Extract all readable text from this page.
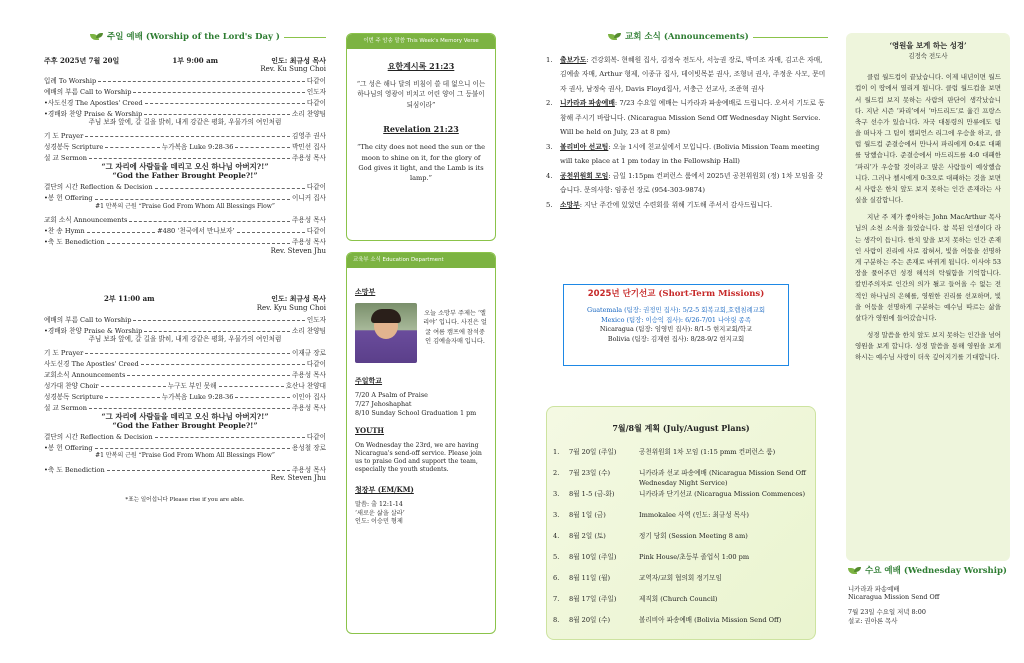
주일 예배 (Worship of the Lord's Day )
주후 2025년 7월 20일	1부 9:00 am	인도: 최규성 목사
Rev. Ku Sung Choi
입례 To Worship	다같이
예배의 부름 Call to Worship	인도자
•사도신경 The Apostles' Creed	다같이
•경배와 찬양 Praise & Worship	소리 찬양팀
주님 보좌 앞에, 갈 길을 밝히, 내게 강같은 평화, 우물가의 여인처럼
기 도 Prayer	김영주 권사
성경봉독 Scripture	누가복음 Luke 9:28-36	박민선 집사
설 교 Sermon	주용성 목사
“그 자리에 사람들을 데리고 오신 하나님 아버지?!”
“God the Father Brought People?!”
결단의 시간 Reflection & Decision	다같이
•봉 헌 Offering	이니커 집사
#1 만복의 근원 “Praise God From Whom All Blessings Flow”
교회 소식 Announcements	주용성 목사
•찬 송 Hymn	#480 ‘천국에서 만나보자’	다같이
•축 도 Benediction	주용성 목사
Rev. Steven Jhu
2부 11:00 am	인도: 최규성 목사
Rev. Kyu Sung Choi
예배의 부름 Call to Worship	인도자
•경배와 찬양 Praise & Worship	소리 찬양팀
주님 보좌 앞에, 갈 길을 밝히, 내게 강같은 평화, 우물가의 여인처럼
기 도 Prayer	이재규 장로
사도신경 The Apostles' Creed	다같이
교회소식 Announcements	주용성 목사
성가대 찬양 Choir	누구도 부인 못해	호산나 찬양대
성경봉독 Scripture	누가복음 Luke 9:28-36	이인아 집사
설 교 Sermon	주용성 목사
“그 자리에 사람들을 데리고 오신 하나님 아버지?!”
“God the Father Brought People?!”
결단의 시간 Reflection & Decision	다같이
•봉 헌 Offering	용성철 장로
#1 만복의 근원 “Praise God From Whom All Blessings Flow”
•축 도 Benediction	주용성 목사
Rev. Steven Jhu
*표는 일어섭니다 Please rise if you are able.
이번 주 암송 말씀 This Week's Memory Verse
요한계시록 21:23
“그 성은 해나 달의 비침이 쓸 데 없으니 이는 하나님의 영광이 비치고 어린 양이 그 등불이 되심이라”
Revelation 21:23
“The city does not need the sun or the moon to shine on it, for the glory of God gives it light, and the Lamb is its lamp.”
교육부 소식 Education Department
소망부
오늘 소망부 주제는 ‘엘리야’ 입니다. 사진은 얼굴 여름 캠프에 참석중인 김예솔자매 입니다.
주일학교
7/20 A Psalm of Praise
7/27 Jehoshaphat
8/10 Sunday School Graduation 1 pm
YOUTH
On Wednesday the 23rd, we are having Nicaragua's send-off service. Please join us to praise God and support the team, especially the youth students.
청장부 (EM/KM)
말씀: 출 12:1-14
‘새로운 삶을 살라’
인도: 이승민 형제
교회 소식 (Announcements)
1.	출보가도: 건강회복- 현혜원 집사, 김정숙 전도사, 서능권 장로, 박미조 자매, 김고은 자매, 김예솔 자매, Arthur 형제, 이종규 집사, 데이빗목분 권사, 조형녀 권사, 주정운 사모, 문미자 권사, 남정숙 권사, Davis Floyd집사, 서충근 선교사, 조준혁 권사
2.	니카라과 파송예배: 7/23 수요일 예배는 니카라과 파송예배로 드립니다. 오셔서 기도로 동참해 주시기 바랍니다. (Nicaragua Mission Send Off Wednesday Night Service. Will be held on July, 23 at 8 pm)
3.	볼리비아 선교팀: 오늘 1시에 친교실에서 모입니다. (Bolivia Mission Team meeting will take place at 1 pm today in the Fellowship Hall)
4.	공천위원회 모임: 금일 1:15pm 컨퍼런스 룸에서 2025년 공천위원회 (정) 1차 모임을 갖습니다. 문의사항: 임종선 장로 (954-303-9874)
5.	소망부: 지난 주간에 있었던 수련회를 위해 기도해 주셔서 감사드립니다.
2025년 단기선교 (Short-Term Missions)
Guatemala (팀장: 권정민 집사): 5/2-5 회복교회,호렙침례교회
Mexico (팀장: 이승익 집사): 6/26-7/01 나야릿 종족
Nicaragua (팀장: 임영빈 집사): 8/1-5 현지교회/학교
Bolivia (팀장: 김재현 집사): 8/28-9/2 현지교회
7월/8월 계획 (July/August Plans)
1.	7월 20일 (주일)	공천위원회 1차 모임 (1:15 pmm 컨퍼런스 룸)
2.	7월 23일 (수)	니카라과 선교 파송예배 (Nicaragua Mission Send Off Wednesday Night Service)
3.	8월 1-5 (금-화)	니카라과 단기선교 (Nicaragua Mission Commences)
3.	8월 1일 (금)	Immokalee 사역 (인도: 최규성 목사)
4.	8월 2일 (토)	정기 당회 (Session Meeting 8 am)
5.	8월 10일 (주일)	Pink House/초등부 졸업식 1:00 pm
6.	8월 11일 (월)	교역자/교회 협의회 정기모임
7.	8월 17일 (주일)	제직회 (Church Council)
8.	8월 20일 (수)	볼리비아 파송예배 (Bolivia Mission Send Off)
‘영원을 보게 하는 성경’
김정숙 전도사
클럽 월드컵이 끝났습니다. 이제 내년이면 월드컵이 이 땅에서 열리게 됩니다. 클럽 월드컵을 보면서 월드컵 보지 못하는 사람의 판단이 생각났습니다. 지난 시즌 ‘파리’에서 ‘마드리드’로 옮긴 프랑스 축구 선수가 있습니다. 자국 대통령의 만류에도 팀을 떠나자 그 팀이 챔피언스 리그에 우승을 하고, 클럽 월드컵 준결승에서 만나서 파리에게 0:4로 대패를 당했습니다. 준결승에서 마드리드를 4:0 대패한 ‘파리’가 우승할 것이라고 많은 사람들이 예상했습니다. 그러나 첼시에게 0:3으로 대패하는 것을 보면서 사람은 한치 앞도 보지 못하는 인간 존재라는 사실을 실감합니다.
지난 주 제가 좋아하는 John MacArthur 목사님의 소천 소식을 들었습니다. 참 복된 인생이다 라는 생각이 듭니다. 한치 앞을 보지 못하는 인간 존재인 사람이 진리에 사로 잡혀서, 빛을 어둠을 선명하게 구분하는 주는 존재로 바꿔게 됩니다. 이사야 53장을 풀어주던 성경 해석의 탁월함을 기억합니다. 칼빈주의자로 인간의 의가 될고 들어올 수 없는 전적인 하나님의 은혜를, 영원한 진리를 선포하며, 빛을 어둠을 선명하게 구분하는 예수님 따르는 삶을 살다가 영원에 들어갔습니다.
성경 말씀을 한치 앞도 보지 못하는 인간을 넘어 영원을 보게 합니다. 성경 말씀을 통해 영원을 보게 하시는 예수님 사랑이 더욱 깊어지기를 기대합니다.
수요 예배 (Wednesday Worship)
니카라과 파송예배
Nicaragua Mission Send Off
7월 23일 수요일 저녁 8:00
설교: 권아론 목사
